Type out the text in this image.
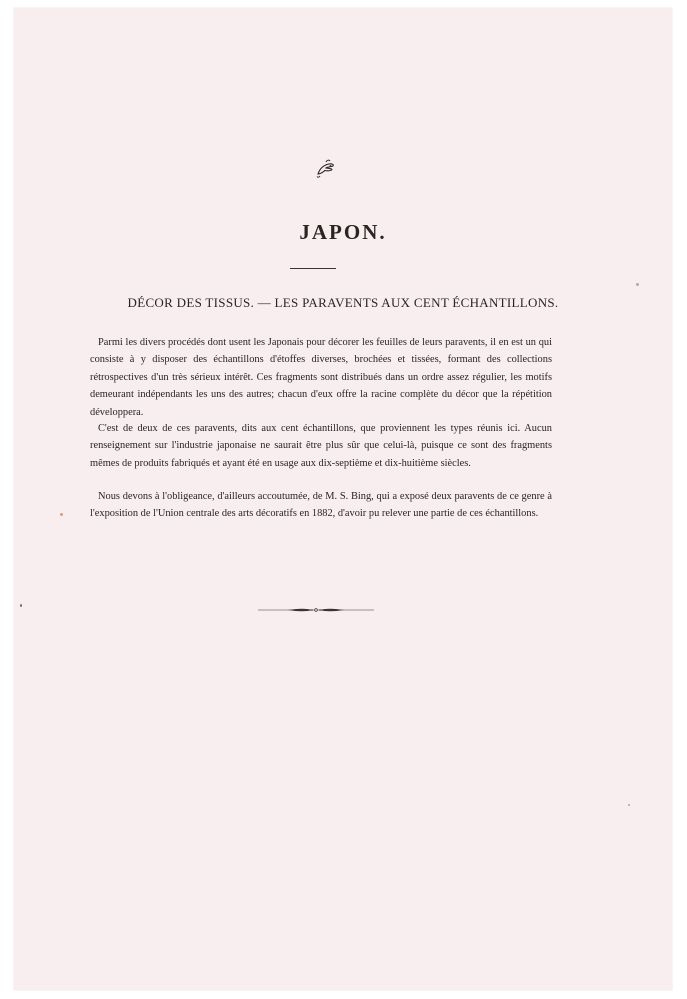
JAPON.
DÉCOR DES TISSUS. — LES PARAVENTS AUX CENT ÉCHANTILLONS.

Parmi les divers procédés dont usent les Japonais pour décorer les feuilles de leurs paravents, il en est un qui consiste à y disposer des échantillons d'étoffes diverses, brochées et tissées, formant des collections rétrospectives d'un très sérieux intérêt. Ces fragments sont distribués dans un ordre assez régulier, les motifs demeurant indépendants les uns des autres; chacun d'eux offre la racine complète du décor que la répétition développera.

C'est de deux de ces paravents, dits aux cent échantillons, que proviennent les types réunis ici. Aucun renseignement sur l'industrie japonaise ne saurait être plus sûr que celui-là, puisque ce sont des fragments mêmes de produits fabriqués et ayant été en usage aux dix-septième et dix-huitième siècles.

Nous devons à l'obligeance, d'ailleurs accoutumée, de M. S. Bing, qui a exposé deux paravents de ce genre à l'exposition de l'Union centrale des arts décoratifs en 1882, d'avoir pu relever une partie de ces échantillons.
